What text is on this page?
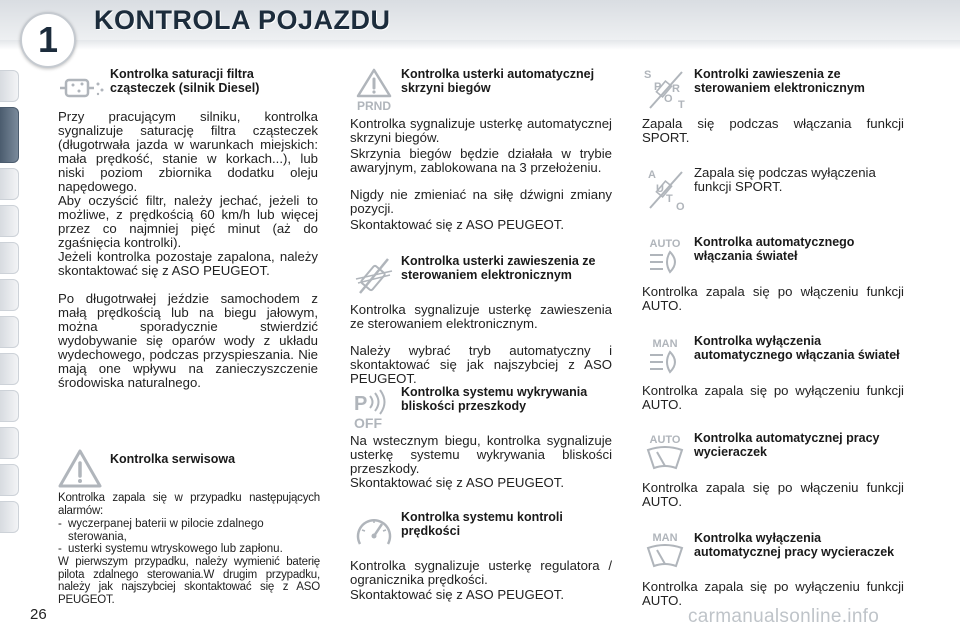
1	KONTROLA POJAZDU
Kontrolka saturacji filtra cząsteczek (silnik Diesel)

Przy pracującym silniku, kontrolka sygnalizuje saturację filtra cząsteczek (długotrwała jazda w warunkach miejskich: mała prędkość, stanie w korkach...), lub niski poziom zbiornika dodatku oleju napędowego.

Aby oczyścić filtr, należy jechać, jeżeli to możliwe, z prędkością 60 km/h lub więcej przez co najmniej pięć minut (aż do zgaśnięcia kontrolki).

Jeżeli kontrolka pozostaje zapalona, należy skontaktować się z ASO PEUGEOT.

Po długotrwałej jeździe samochodem z małą prędkością lub na biegu jałowym, można sporadycznie stwierdzić wydobywanie się oparów wody z układu wydechowego, podczas przyspieszania. Nie mają one wpływu na zanieczyszczenie środowiska naturalnego.

Kontrolka serwisowa

Kontrolka zapala się w przypadku następujących alarmów:

- wyczerpanej baterii w pilocie zdalnego sterowania,
- usterki systemu wtryskowego lub zapłonu.

W pierwszym przypadku, należy wymienić baterię pilota zdalnego sterowania.W drugim przypadku, należy jak najszybciej skontaktować się z ASO PEUGEOT.

PRND
Kontrolka usterki automatycznej skrzyni biegów

Kontrolka sygnalizuje usterkę automatycznej skrzyni biegów.

Skrzynia biegów będzie działała w trybie awaryjnym, zablokowana na 3 przełożeniu.

Nigdy nie zmieniać na siłę dźwigni zmiany pozycji.

Skontaktować się z ASO PEUGEOT.

Kontrolka usterki zawieszenia ze sterowaniem elektronicznym

Kontrolka sygnalizuje usterkę zawieszenia ze sterowaniem elektronicznym.

Należy wybrać tryb automatyczny i skontaktować się jak najszybciej z ASO PEUGEOT.

P
OFF
Kontrolka systemu wykrywania bliskości przeszkody

Na wstecznym biegu, kontrolka sygnalizuje usterkę systemu wykrywania bliskości przeszkody.

Skontaktować się z ASO PEUGEOT.

Kontrolka systemu kontroli prędkości

Kontrolka sygnalizuje usterkę regulatora / ogranicznika prędkości.

Skontaktować się z ASO PEUGEOT.

S
P
O
R
T
Kontrolki zawieszenia ze sterowaniem elektronicznym

Zapala się podczas włączania funkcji SPORT.

A
U
T
O

Zapala się podczas wyłączenia funkcji SPORT.

AUTO Kontrolka automatycznego włączania świateł

Kontrolka zapala się po włączeniu funkcji AUTO.

MAN Kontrolka wyłączenia automatycznego włączania świateł

Kontrolka zapala się po wyłączeniu funkcji AUTO.

AUTO Kontrolka automatycznej pracy wycieraczek

Kontrolka zapala się po włączeniu funkcji AUTO.

MAN Kontrolka wyłączenia automatycznej pracy wycieraczek

Kontrolka zapala się po wyłączeniu funkcji AUTO.

26	carmanualsonline.info
